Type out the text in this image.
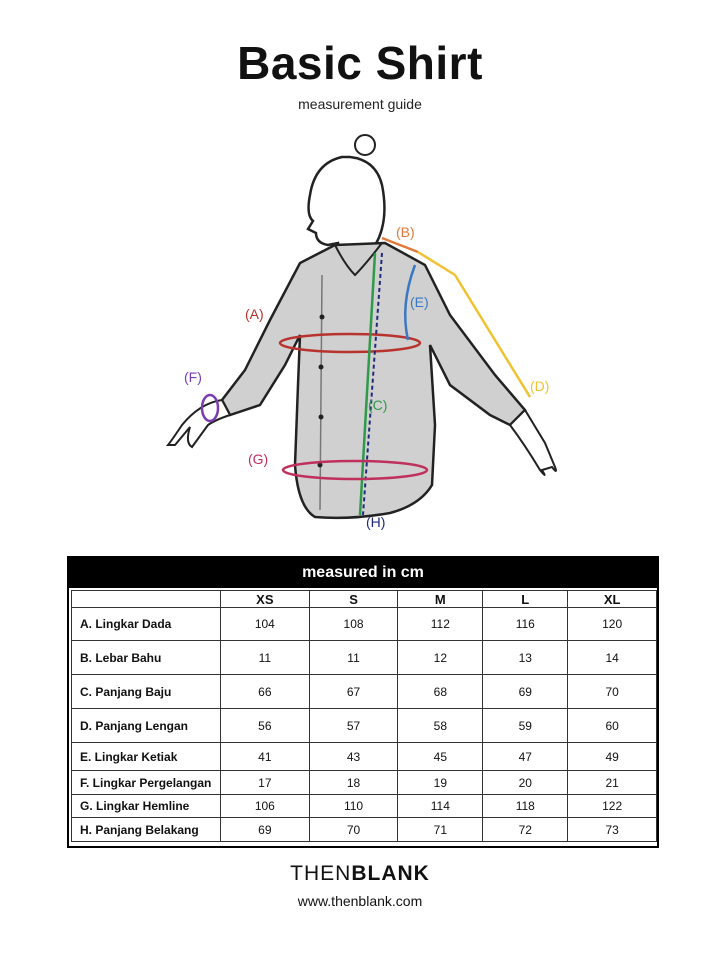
Basic Shirt
measurement guide
(A)
(B)
(C)
(D)
(E)
(F)
(G)
(H)
measured in cm
	XS	S	M	L	XL
A. Lingkar Dada	104	108	112	116	120
B. Lebar Bahu	11	11	12	13	14
C. Panjang Baju	66	67	68	69	70
D. Panjang Lengan	56	57	58	59	60
E. Lingkar Ketiak	41	43	45	47	49
F. Lingkar Pergelangan	17	18	19	20	21
G. Lingkar Hemline	106	110	114	118	122
H. Panjang Belakang	69	70	71	72	73
THENBLANK
www.thenblank.com
